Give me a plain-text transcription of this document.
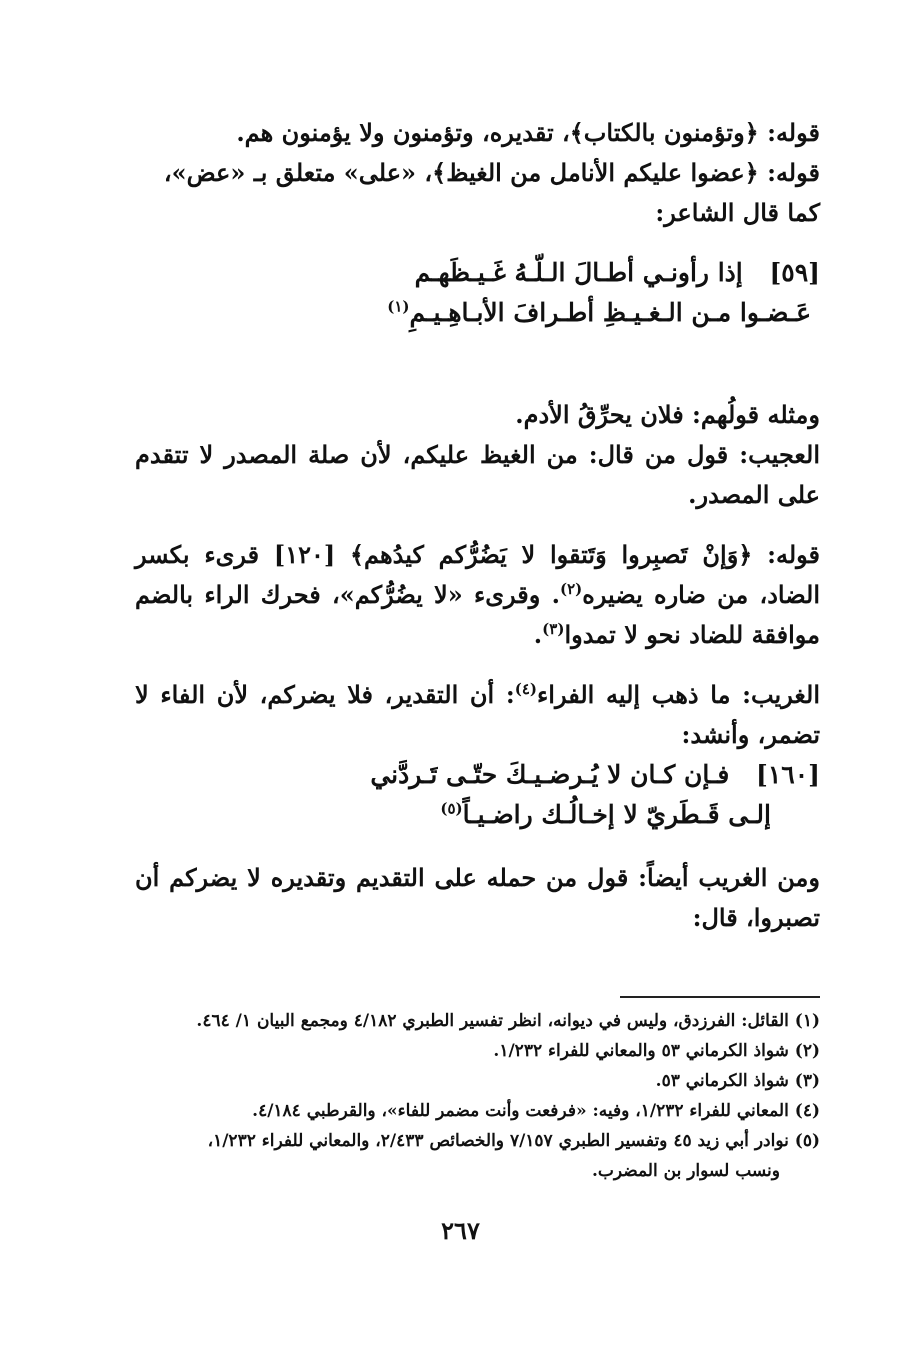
قوله: ﴿وتؤمنون بالكتاب﴾، تقديره، وتؤمنون ولا يؤمنون هم.

قوله: ﴿عضوا عليكم الأنامل من الغيظ﴾، «على» متعلق بـ «عض»،

كما قال الشاعر:

[٥٩] إذا رأونـي أطـالَ الـلّـهُ غَـيـظَهـم
عَـضـوا مـن الـغـيـظِ أطـرافَ الأبـاهِـيـمِ$^{(١)}$

ومثله قولُهم: فلان يحرِّقُ الأدم.

العجيب: قول من قال: من الغيظ عليكم، لأن صلة المصدر لا تتقدم على المصدر.

قوله: ﴿وَإنْ تَصبِروا وَتَتقوا لا يَضُرُّكم كيدُهم﴾ [١٢٠] قرىء بكسر الضاد، من ضاره يضيره$^{(٢)}$. وقرىء «لا يضُرُّكم»، فحرك الراء بالضم موافقة للضاد نحو لا تمدوا$^{(٣)}$.

الغريب: ما ذهب إليه الفراء$^{(٤)}$: أن التقدير، فلا يضركم، لأن الفاء لا تضمر، وأنشد:

[١٦٠] فـإن كـان لا يُـرضـيـكَ حتّـى تَـردَّني
إلـى قَـطَريّ لا إخـالُـك راضـيـاً$^{(٥)}$

ومن الغريب أيضاً: قول من حمله على التقديم وتقديره لا يضركم أن تصبروا، قال:

(١) القائل: الفرزدق، وليس في ديوانه، انظر تفسير الطبري ٤/١٨٢ ومجمع البيان ١/ ٤٦٤.

(٢) شواذ الكرماني ٥٣ والمعاني للفراء ١/٢٣٢.

(٣) شواذ الكرماني ٥٣.

(٤) المعاني للفراء ١/٢٣٢، وفيه: «فرفعت وأنت مضمر للفاء»، والقرطبي ٤/١٨٤.

(٥) نوادر أبي زيد ٤٥ وتفسير الطبري ٧/١٥٧ والخصائص ٢/٤٣٣، والمعاني للفراء ١/٢٣٢،

ونسب لسوار بن المضرب.

٢٦٧
